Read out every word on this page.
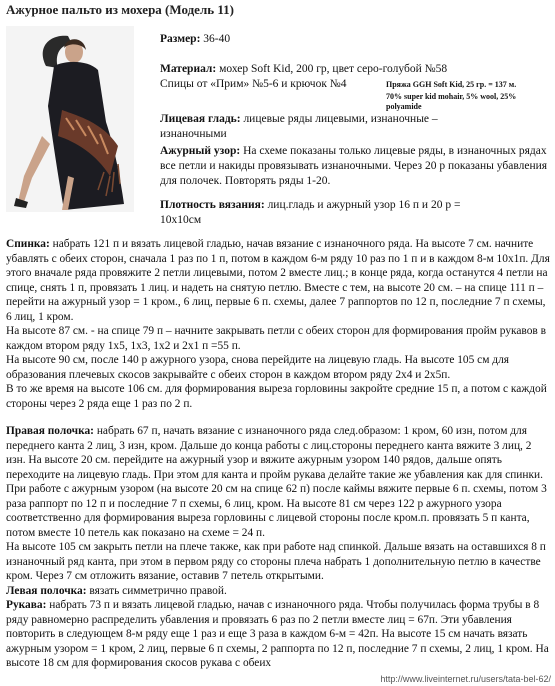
Ажурное пальто из мохера (Модель 11)
Размер: 36-40
Материал: мохер Soft Kid, 200 гр, цвет серо-голубой №58
Спицы от «Прим» №5-6 и крючок №4	Пряжа GGH Soft Kid, 25 гр. = 137 м.
70% super kid mohair, 5% wool, 25% polyamide
Лицевая гладь: лицевые ряды лицевыми, изнаночные –
изнаночными
Ажурный узор: На схеме показаны только лицевые ряды, в изнаночных рядах все петли и накиды провязывать изнаночными. Через 20 р показаны убавления для полочек. Повторять ряды 1-20.
Плотность вязания: лиц.гладь и ажурный узор 16 п и 20 р =
10х10см

Спинка: набрать 121 п и вязать лицевой гладью, начав вязание с изнаночного ряда. На высоте 7 см. начните убавлять с обеих сторон, сначала 1 раз по 1 п, потом в каждом 6-м ряду 10 раз по 1 п и в каждом 8-м 10х1п. Для этого вначале ряда провяжите 2 петли лицевыми, потом 2 вместе лиц.; в конце ряда, когда останутся 4 петли на спице, снять 1 п, провязать 1 лиц. и надеть на снятую петлю. Вместе с тем, на высоте 20 см. – на спице 111 п – перейти на ажурный узор = 1 кром., 6 лиц, первые 6 п. схемы, далее 7 раппортов по 12 п, последние 7 п схемы, 6 лиц, 1 кром.

На высоте 87 см. - на спице 79 п – начните закрывать петли с обеих сторон для формирования пройм рукавов в каждом втором ряду 1х5, 1х3, 1х2 и 2х1 п =55 п.

На высоте 90 см, после 140 р ажурного узора, снова перейдите на лицевую гладь. На высоте 105 см для образования плечевых скосов закрывайте с обеих сторон в каждом втором ряду 2х4 и 2х5п.

В то же время на высоте 106 см. для формирования выреза горловины закройте средние 15 п, а потом с каждой стороны через 2 ряда еще 1 раз по 2 п.

Правая полочка: набрать 67 п, начать вязание с изнаночного ряда след.образом: 1 кром, 60 изн, потом для переднего канта 2 лиц, 3 изн, кром. Дальше до конца работы с лиц.стороны переднего канта вяжите 3 лиц, 2 изн. На высоте 20 см. перейдите на ажурный узор и вяжите ажурным узором 140 рядов, дальше опять переходите на лицевую гладь. При этом для канта и пройм рукава делайте такие же убавления как для спинки. При работе с ажурным узором (на высоте 20 см на спице 62 п) после каймы вяжите первые 6 п. схемы, потом 3 раза раппорт по 12 п и последние 7 п схемы, 6 лиц, кром. На высоте 81 см через 122 р ажурного узора соответственно для формирования выреза горловины с лицевой стороны после кром.п. провязать 5 п канта, потом вместе 10 петель как показано на схеме = 24 п.

На высоте 105 см закрыть петли на плече также, как при работе над спинкой. Дальше вязать на оставшихся 8 п изнаночный ряд канта, при этом в первом ряду со стороны плеча набрать 1 дополнительную петлю в качестве кром. Через 7 см отложить вязание, оставив 7 петель открытыми.

Левая полочка: вязать симметрично правой.

Рукава: набрать 73 п и вязать лицевой гладью, начав с изнаночного ряда. Чтобы получилась форма трубы в 8 ряду равномерно распределить убавления и провязать 6 раз по 2 петли вместе лиц = 67п. Эти убавления повторить в следующем 8-м ряду еще 1 раз и еще 3 раза в каждом 6-м = 42п. На высоте 15 см начать вязать ажурным узором = 1 кром, 2 лиц, первые 6 п схемы, 2 раппорта по 12 п, последние 7 п схемы, 2 лиц, 1 кром. На высоте 18 см для формирования скосов рукава с обеих

http://www.liveinternet.ru/users/tata-bel-62/
